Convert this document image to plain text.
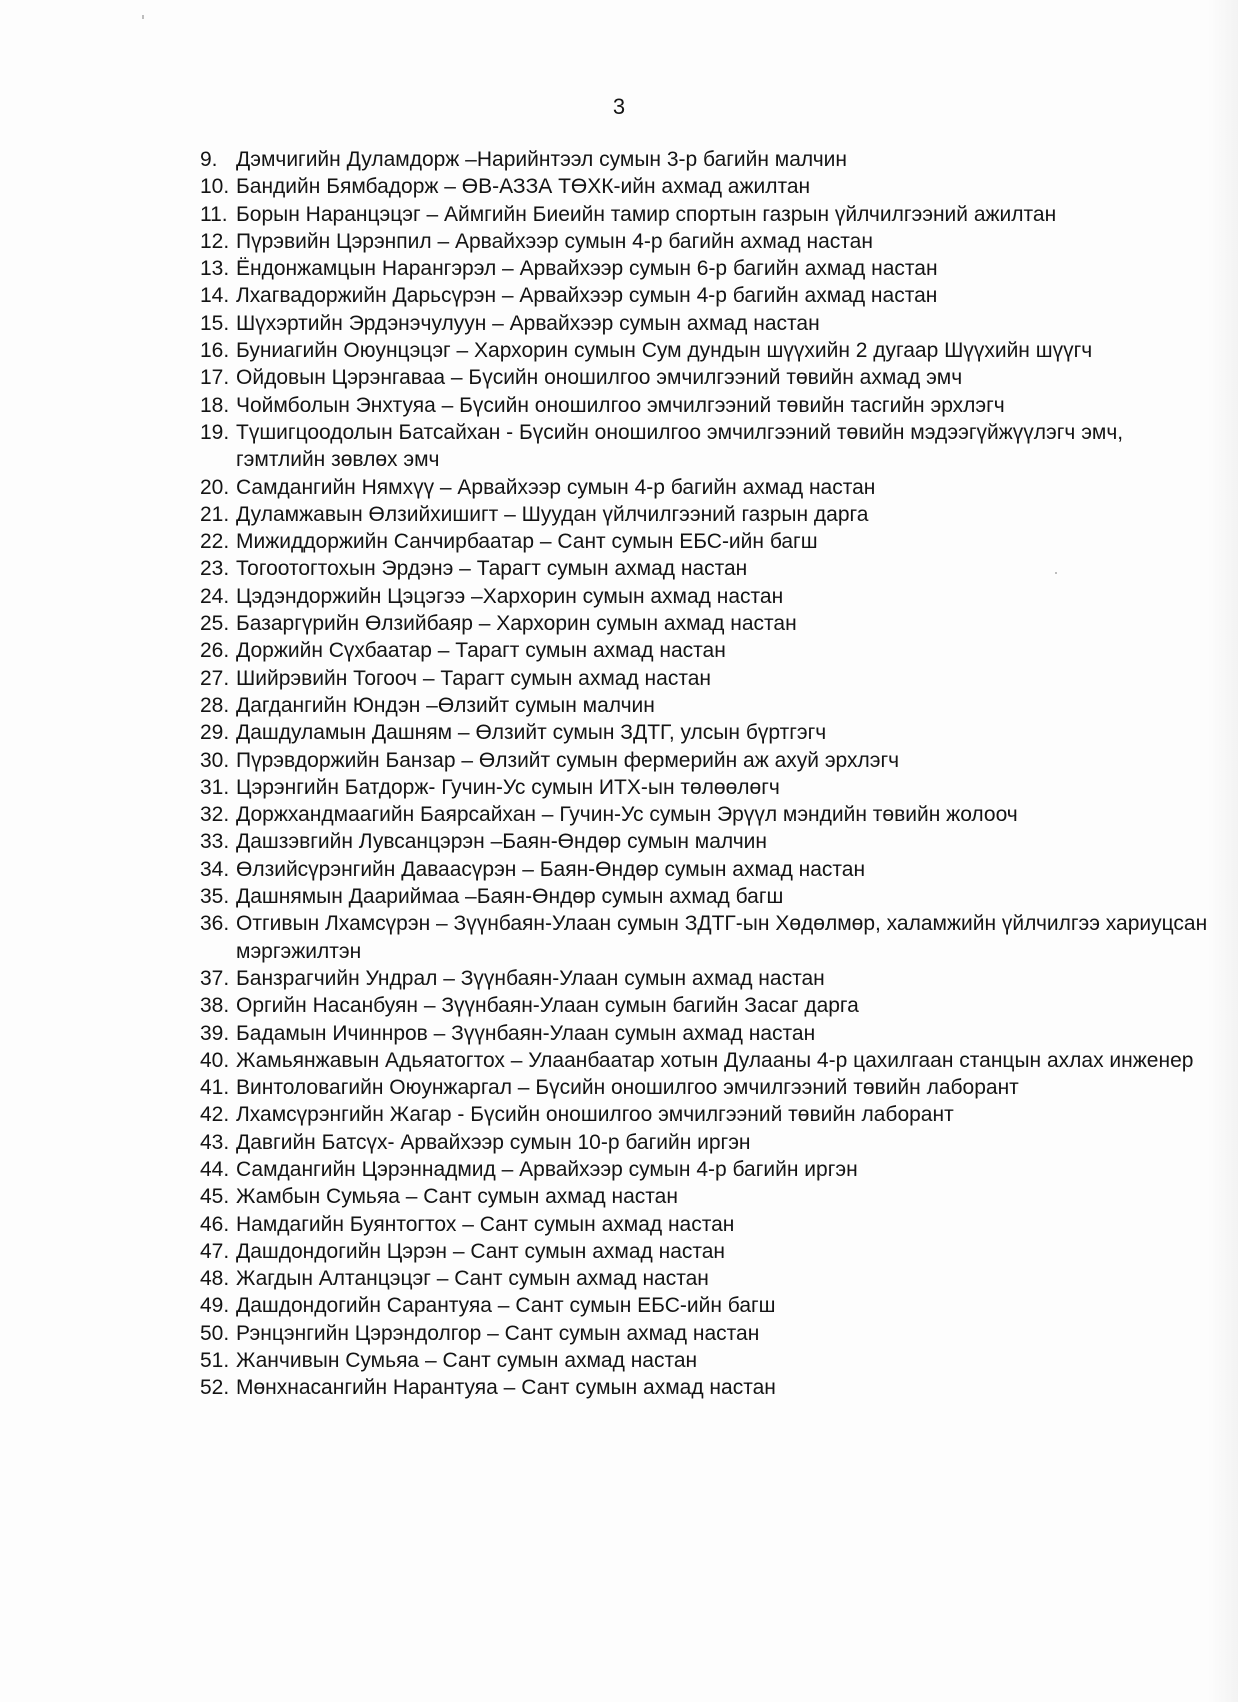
3
9. Дэмчигийн Дуламдорж –Нарийнтээл сумын 3-р багийн малчин
10. Бандийн Бямбадорж – ӨВ-АЗЗА ТӨХК-ийн ахмад ажилтан
11. Борын Наранцэцэг – Аймгийн Биеийн тамир спортын газрын үйлчилгээний ажилтан
12. Пүрэвийн Цэрэнпил – Арвайхээр сумын 4-р багийн ахмад настан
13. Ёндонжамцын Нарангэрэл – Арвайхээр сумын 6-р багийн ахмад настан
14. Лхагвадоржийн Дарьсүрэн – Арвайхээр сумын 4-р багийн ахмад настан
15. Шүхэртийн Эрдэнэчулуун – Арвайхээр сумын ахмад настан
16. Буниагийн Оюунцэцэг – Хархорин сумын Сум дундын шүүхийн 2 дугаар Шүүхийн шүүгч
17. Ойдовын Цэрэнгаваа – Бүсийн оношилгоо эмчилгээний төвийн ахмад эмч
18. Чоймболын Энхтуяа – Бүсийн оношилгоо эмчилгээний төвийн тасгийн эрхлэгч
19. Түшигцоодолын Батсайхан - Бүсийн оношилгоо эмчилгээний төвийн мэдээгүйжүүлэгч эмч, гэмтлийн зөвлөх эмч
20. Самдангийн Нямхүү – Арвайхээр сумын 4-р багийн ахмад настан
21. Дуламжавын Өлзийхишигт – Шуудан үйлчилгээний газрын дарга
22. Мижиддоржийн Санчирбаатар – Сант сумын ЕБС-ийн багш
23. Тогоотогтохын Эрдэнэ – Тарагт сумын ахмад настан
24. Цэдэндоржийн Цэцэгээ –Хархорин сумын ахмад настан
25. Базаргүрийн Өлзийбаяр – Хархорин сумын ахмад настан
26. Доржийн Сүхбаатар – Тарагт сумын ахмад настан
27. Шийрэвийн Тогооч – Тарагт сумын ахмад настан
28. Дагдангийн Юндэн –Өлзийт сумын малчин
29. Дашдуламын Дашням – Өлзийт сумын ЗДТГ, улсын бүртгэгч
30. Пүрэвдоржийн Банзар – Өлзийт сумын фермерийн аж ахуй эрхлэгч
31. Цэрэнгийн Батдорж- Гучин-Ус сумын ИТХ-ын төлөөлөгч
32. Доржхандмаагийн Баярсайхан – Гучин-Ус сумын Эрүүл мэндийн төвийн жолооч
33. Дашзэвгийн Лувсанцэрэн –Баян-Өндөр сумын малчин
34. Өлзийсүрэнгийн Даваасүрэн – Баян-Өндөр сумын ахмад настан
35. Дашнямын Даариймаа –Баян-Өндөр сумын ахмад багш
36. Отгивын Лхамсүрэн – Зүүнбаян-Улаан сумын ЗДТГ-ын Хөдөлмөр, халамжийн үйлчилгээ хариуцсан мэргэжилтэн
37. Банзрагчийн Ундрал – Зүүнбаян-Улаан сумын ахмад настан
38. Оргийн Насанбуян – Зүүнбаян-Улаан сумын багийн Засаг дарга
39. Бадамын Ичиннров – Зүүнбаян-Улаан сумын ахмад настан
40. Жамьянжавын Адьяатогтох – Улаанбаатар хотын Дулааны 4-р цахилгаан станцын ахлах инженер
41. Винтоловагийн Оюунжаргал – Бүсийн оношилгоо эмчилгээний төвийн лаборант
42. Лхамсүрэнгийн Жагар - Бүсийн оношилгоо эмчилгээний төвийн лаборант
43. Давгийн Батсүх- Арвайхээр сумын 10-р багийн иргэн
44. Самдангийн Цэрэннадмид – Арвайхээр сумын 4-р багийн иргэн
45. Жамбын Сумьяа – Сант сумын ахмад настан
46. Намдагийн Буянтогтох – Сант сумын ахмад настан
47. Дашдондогийн Цэрэн – Сант сумын ахмад настан
48. Жагдын Алтанцэцэг – Сант сумын ахмад настан
49. Дашдондогийн Сарантуяа – Сант сумын ЕБС-ийн багш
50. Рэнцэнгийн Цэрэндолгор – Сант сумын ахмад настан
51. Жанчивын Сумьяа – Сант сумын ахмад настан
52. Мөнхнасангийн Нарантуяа – Сант сумын ахмад настан
